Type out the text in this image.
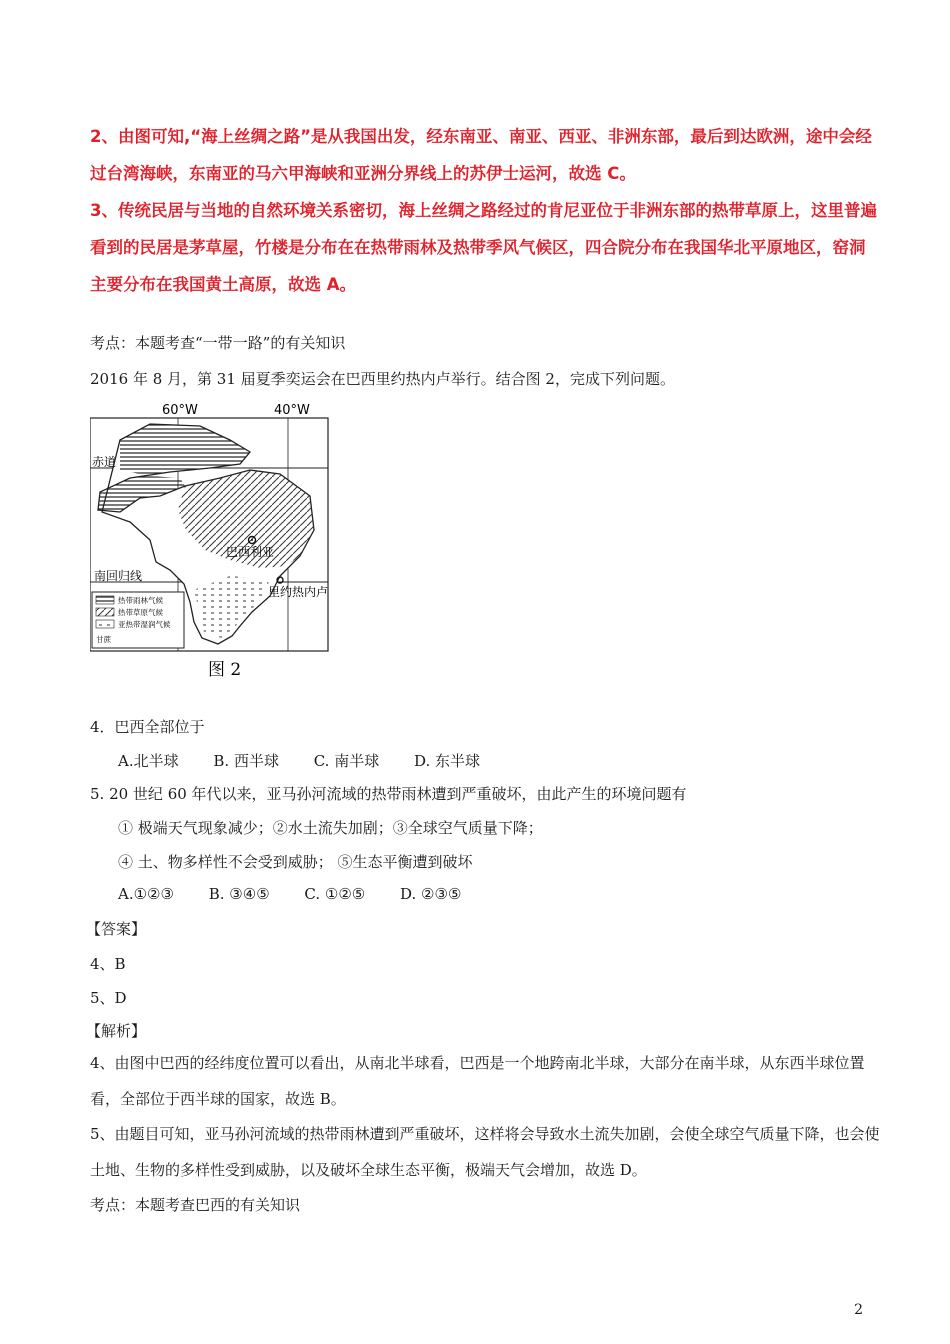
2、由图可知,“海上丝绸之路”是从我国出发，经东南亚、南亚、西亚、非洲东部，最后到达欧洲，途中会经过台湾海峡，东南亚的马六甲海峡和亚洲分界线上的苏伊士运河，故选 C。
3、传统民居与当地的自然环境关系密切，海上丝绸之路经过的肯尼亚位于非洲东部的热带草原上，这里普遍看到的民居是茅草屋，竹楼是分布在在热带雨林及热带季风气候区，四合院分布在我国华北平原地区，窑洞主要分布在我国黄土高原，故选 A。
考点：本题考查“一带一路”的有关知识
2016 年 8 月，第 31 届夏季奕运会在巴西里约热内卢举行。结合图 2，完成下列问题。
60°W	40°W
赤道
南回归线
巴西利亚
里约热内卢
热带雨林气候
热带草原气候
亚热带湿润气候
甘蔗
图 2
4．巴西全部位于
A.北半球 B. 西半球 C. 南半球 D. 东半球
5. 20 世纪 60 年代以来，亚马孙河流域的热带雨林遭到严重破坏，由此产生的环境问题有
① 极端天气现象减少；②水土流失加剧；③全球空气质量下降；
④ 土、物多样性不会受到威胁； ⑤生态平衡遭到破坏
A.①②③ B. ③④⑤ C. ①②⑤ D. ②③⑤
【答案】
4、B
5、D
【解析】
4、由图中巴西的经纬度位置可以看出，从南北半球看，巴西是一个地跨南北半球，大部分在南半球，从东西半球位置看，全部位于西半球的国家，故选 B。
5、由题目可知，亚马孙河流域的热带雨林遭到严重破坏，这样将会导致水土流失加剧，会使全球空气质量下降，也会使土地、生物的多样性受到威胁，以及破坏全球生态平衡，极端天气会增加，故选 D。
考点：本题考查巴西的有关知识
2
